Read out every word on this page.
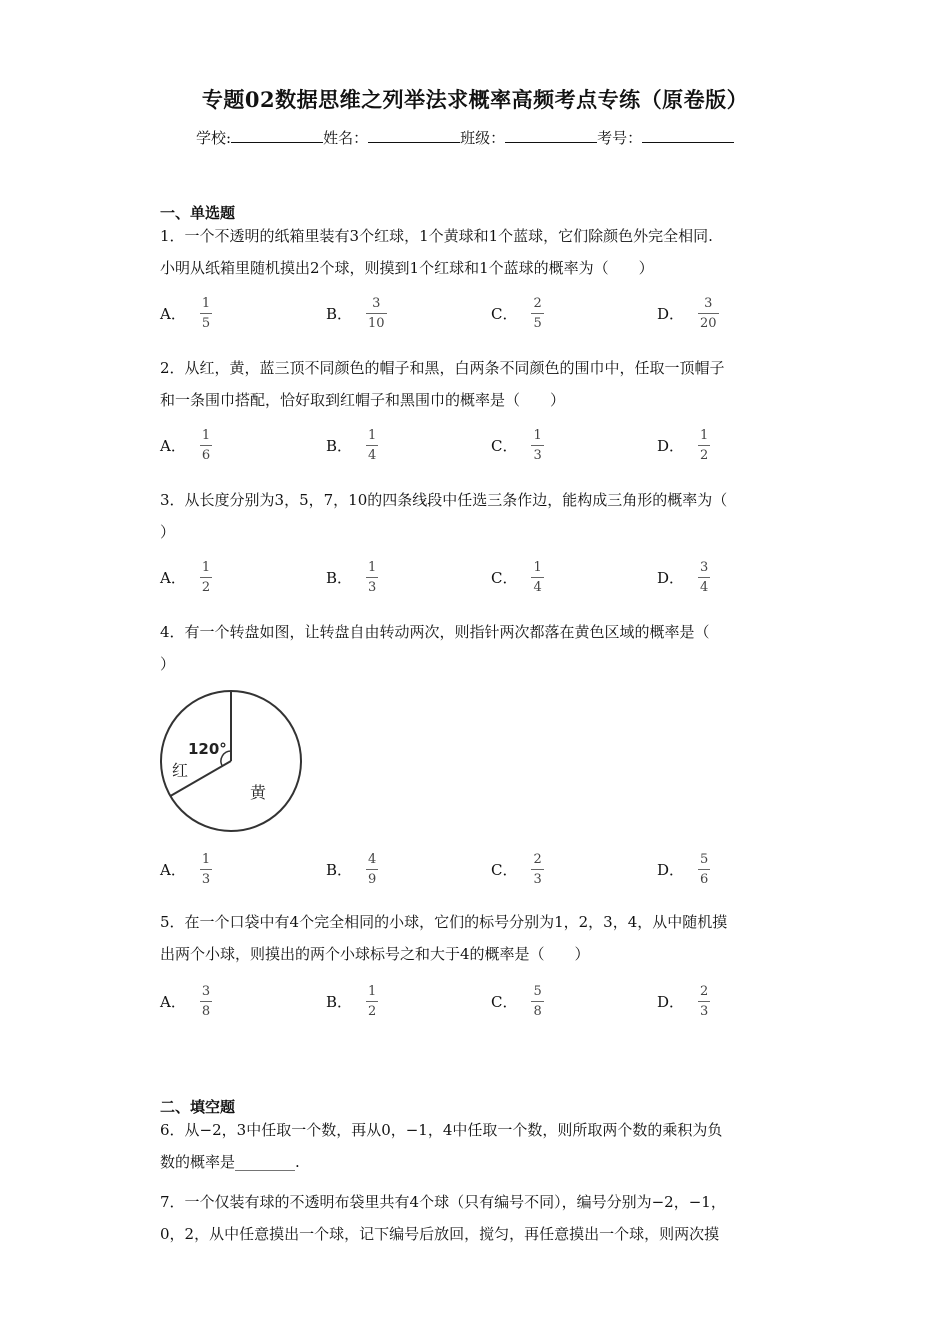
专题02数据思维之列举法求概率高频考点专练（原卷版）
学校:	姓名：	班级：	考号：
一、单选题
1．一个不透明的纸箱里装有3个红球，1个黄球和1个蓝球，它们除颜色外完全相同.
小明从纸箱里随机摸出2个球，则摸到1个红球和1个蓝球的概率为（　　）
A． $\frac{1}{5}$	B． $\frac{3}{10}$	C． $\frac{2}{5}$	D． $\frac{3}{20}$
2．从红，黄，蓝三顶不同颜色的帽子和黑，白两条不同颜色的围巾中，任取一顶帽子
和一条围巾搭配，恰好取到红帽子和黑围巾的概率是（　　）
A． $\frac{1}{6}$	B． $\frac{1}{4}$	C． $\frac{1}{3}$	D． $\frac{1}{2}$
3．从长度分别为3，5，7，10的四条线段中任选三条作边，能构成三角形的概率为（
）
A． $\frac{1}{2}$	B． $\frac{1}{3}$	C． $\frac{1}{4}$	D． $\frac{3}{4}$
4．有一个转盘如图，让转盘自由转动两次，则指针两次都落在黄色区域的概率是（
）
120°
红
黄
A． $\frac{1}{3}$	B． $\frac{4}{9}$	C． $\frac{2}{3}$	D． $\frac{5}{6}$
5．在一个口袋中有4个完全相同的小球，它们的标号分别为1，2，3，4，从中随机摸
出两个小球，则摸出的两个小球标号之和大于4的概率是（　　）
A． $\frac{3}{8}$	B． $\frac{1}{2}$	C． $\frac{5}{8}$	D． $\frac{2}{3}$
二、填空题
6．从−2，3中任取一个数，再从0，−1，4中任取一个数，则所取两个数的乘积为负
数的概率是________.
7．一个仅装有球的不透明布袋里共有4个球（只有编号不同），编号分别为−2，−1，
0，2，从中任意摸出一个球，记下编号后放回，搅匀，再任意摸出一个球，则两次摸
